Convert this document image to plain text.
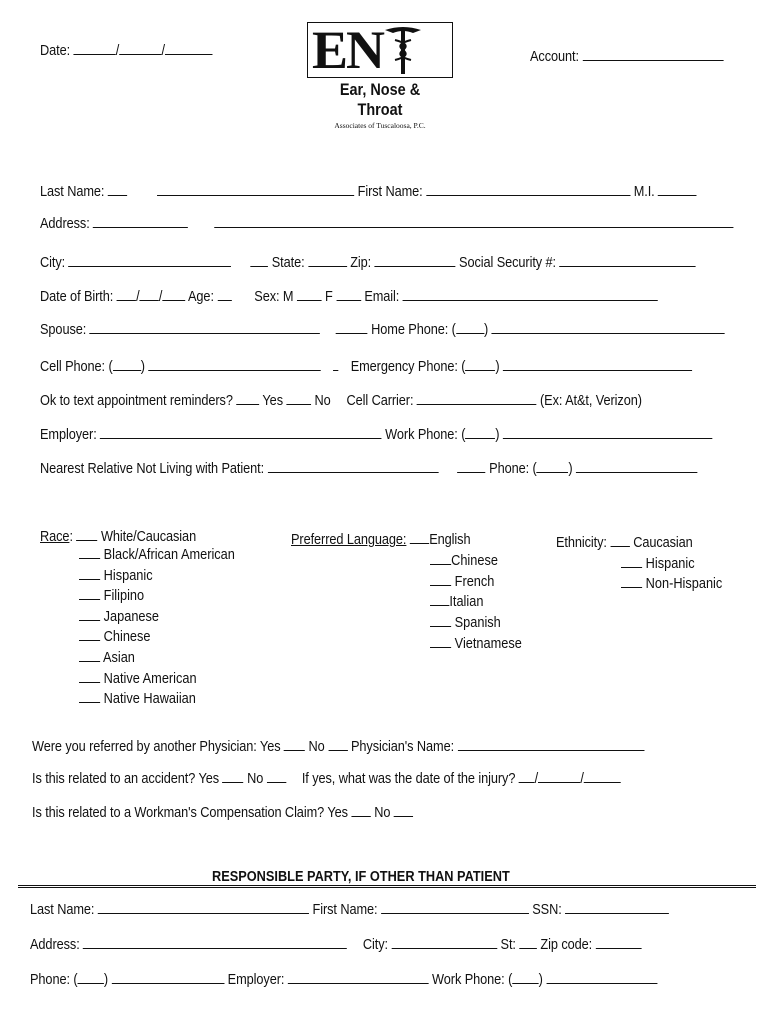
Date:	/	/	EN
Ear, Nose & Throat
Associates of Tuscaloosa, P.C.
Account:
Last Name:	First Name:	M.I.
Address:
City:	State:	Zip:	Social Security #:
Date of Birth: / / Age:	Sex: M F Email:
Spouse:	Home Phone: ( )
Cell Phone: ( )	Emergency Phone: ( )
Ok to text appointment reminders? Yes No Cell Carrier:	(Ex: At&t, Verizon)
Employer:	Work Phone: ( )
Nearest Relative Not Living with Patient:	Phone: ( )
Race:  White/Caucasian
Black/African American
Hispanic
Filipino
Japanese
Chinese
Asian
Native American
Native Hawaiian
Preferred Language: English
Chinese
French
Italian
Spanish
Vietnamese
Ethnicity: Caucasian
Hispanic
Non-Hispanic
Were you referred by another Physician: Yes No Physician's Name:
Is this related to an accident? Yes No	If yes, what was the date of the injury? /	/
Is this related to a Workman's Compensation Claim? Yes No
RESPONSIBLE PARTY, IF OTHER THAN PATIENT
Last Name:	First Name:	SSN:
Address:	City:	St: Zip code:
Phone: ( )	Employer:	Work Phone: ( )
